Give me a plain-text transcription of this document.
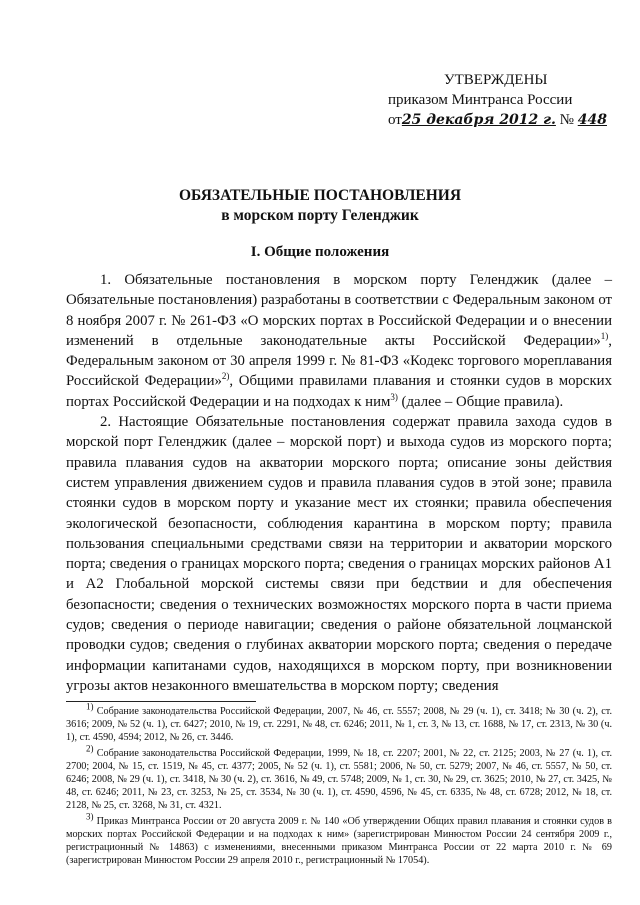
УТВЕРЖДЕНЫ
приказом Минтранса России
от25 декабря 2012 г. № 448
ОБЯЗАТЕЛЬНЫЕ ПОСТАНОВЛЕНИЯ
в морском порту Геленджик
I. Общие положения

1. Обязательные постановления в морском порту Геленджик (далее – Обязательные постановления) разработаны в соответствии с Федеральным законом от 8 ноября 2007 г. № 261-ФЗ «О морских портах в Российской Федерации и о внесении изменений в отдельные законодательные акты Российской Федерации»$^{1)}$, Федеральным законом от 30 апреля 1999 г. № 81-ФЗ «Кодекс торгового мореплавания Российской Федерации»$^{2)}$, Общими правилами плавания и стоянки судов в морских портах Российской Федерации и на подходах к ним$^{3)}$ (далее – Общие правила).

2. Настоящие Обязательные постановления содержат правила захода судов в морской порт Геленджик (далее – морской порт) и выхода судов из морского порта; правила плавания судов на акватории морского порта; описание зоны действия систем управления движением судов и правила плавания судов в этой зоне; правила стоянки судов в морском порту и указание мест их стоянки; правила обеспечения экологической безопасности, соблюдения карантина в морском порту; правила пользования специальными средствами связи на территории и акватории морского порта; сведения о границах морского порта; сведения о границах морских районов А1 и А2 Глобальной морской системы связи при бедствии и для обеспечения безопасности; сведения о технических возможностях морского порта в части приема судов; сведения о периоде навигации; сведения о районе обязательной лоцманской проводки судов; сведения о глубинах акватории морского порта; сведения о передаче информации капитанами судов, находящихся в морском порту, при возникновении угрозы актов незаконного вмешательства в морском порту; сведения

$^{1)}$ Собрание законодательства Российской Федерации, 2007, № 46, ст. 5557; 2008, № 29 (ч. 1), ст. 3418; № 30 (ч. 2), ст. 3616; 2009, № 52 (ч. 1), ст. 6427; 2010, № 19, ст. 2291, № 48, ст. 6246; 2011, № 1, ст. 3, № 13, ст. 1688, № 17, ст. 2313, № 30 (ч. 1), ст. 4590, 4594; 2012, № 26, ст. 3446.

$^{2)}$ Собрание законодательства Российской Федерации, 1999, № 18, ст. 2207; 2001, № 22, ст. 2125; 2003, № 27 (ч. 1), ст. 2700; 2004, № 15, ст. 1519, № 45, ст. 4377; 2005, № 52 (ч. 1), ст. 5581; 2006, № 50, ст. 5279; 2007, № 46, ст. 5557, № 50, ст. 6246; 2008, № 29 (ч. 1), ст. 3418, № 30 (ч. 2), ст. 3616, № 49, ст. 5748; 2009, № 1, ст. 30, № 29, ст. 3625; 2010, № 27, ст. 3425, № 48, ст. 6246; 2011, № 23, ст. 3253, № 25, ст. 3534, № 30 (ч. 1), ст. 4590, 4596, № 45, ст. 6335, № 48, ст. 6728; 2012, № 18, ст. 2128, № 25, ст. 3268, № 31, ст. 4321.

$^{3)}$ Приказ Минтранса России от 20 августа 2009 г. № 140 «Об утверждении Общих правил плавания и стоянки судов в морских портах Российской Федерации и на подходах к ним» (зарегистрирован Минюстом России 24 сентября 2009 г., регистрационный № 14863) с изменениями, внесенными приказом Минтранса России от 22 марта 2010 г. № 69 (зарегистрирован Минюстом России 29 апреля 2010 г., регистрационный № 17054).
